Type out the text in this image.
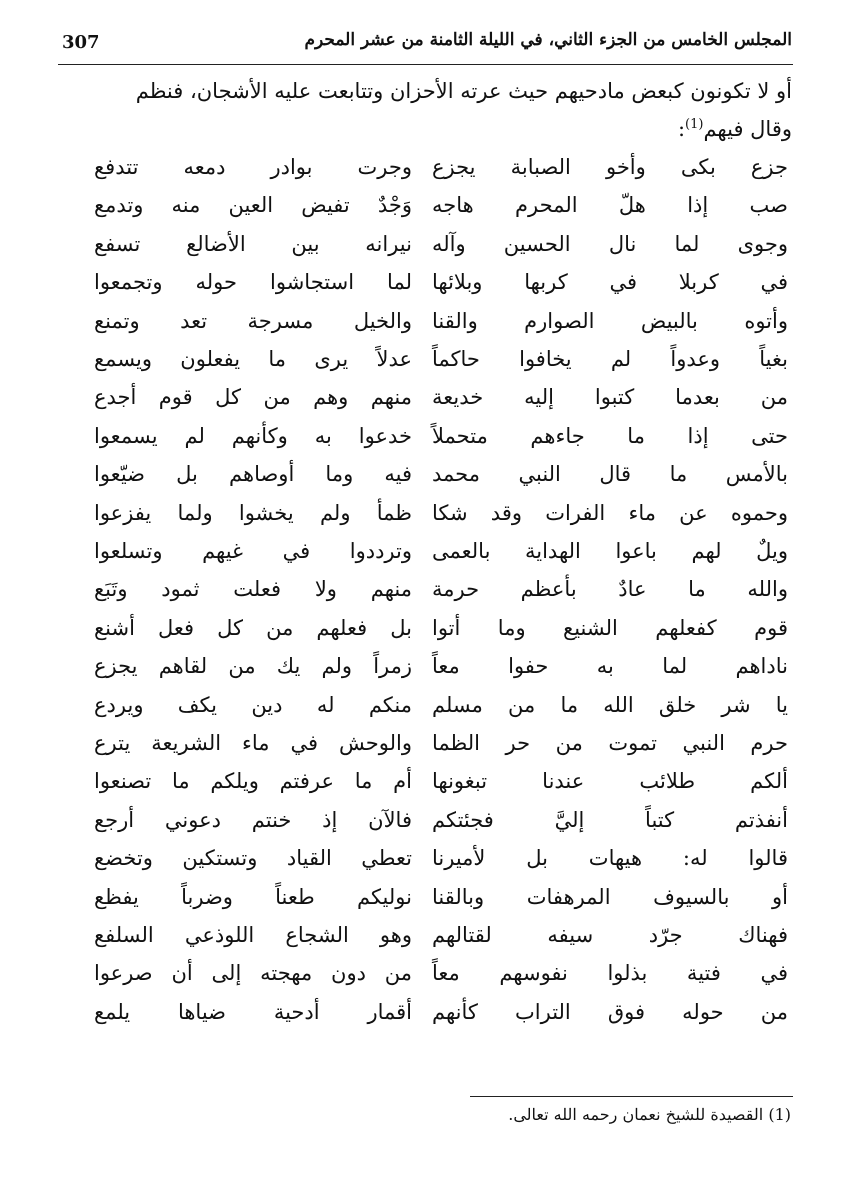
307	المجلس الخامس من الجزء الثاني، في الليلة الثامنة من عشر المحرم
أو لا تكونون كبعض مادحيهم حيث عرته الأحزان وتتابعت عليه الأشجان، فنظم
وقال فيهم$^{(1)}$:
جزع بكى وأخو الصبابة يجزع
وجرت بوادر دمعه تتدفع
صب إذا هلّ المحرم هاجه
وَجْدٌ تفيض العين منه وتدمع
وجوى لما نال الحسين وآله
نيرانه بين الأضالع تسفع
في كربلا في كربها وبلائها
لما استجاشوا حوله وتجمعوا
وأتوه بالبيض الصوارم والقنا
والخيل مسرجة تعد وتمنع
بغياً وعدواً لم يخافوا حاكماً
عدلاً يرى ما يفعلون ويسمع
من بعدما كتبوا إليه خديعة
منهم وهم من كل قوم أجدع
حتى إذا ما جاءهم متحملاً
خدعوا به وكأنهم لم يسمعوا
بالأمس ما قال النبي محمد
فيه وما أوصاهم بل ضيّعوا
وحموه عن ماء الفرات وقد شكا
ظمأ ولم يخشوا ولما يفزعوا
ويلٌ لهم باعوا الهداية بالعمى
وترددوا في غيهم وتسلعوا
والله ما عادٌ بأعظم حرمة
منهم ولا فعلت ثمود وتَبَع
قوم كفعلهم الشنيع وما أتوا
بل فعلهم من كل فعل أشنع
ناداهم لما به حفوا معاً
زمراً ولم يك من لقاهم يجزع
يا شر خلق الله ما من مسلم
منكم له دين يكف ويردع
حرم النبي تموت من حر الظما
والوحش في ماء الشريعة يترع
ألكم طلائب عندنا تبغونها
أم ما عرفتم ويلكم ما تصنعوا
أنفذتم كتباً إليَّ فجئتكم
فالآن إذ خنتم دعوني أرجع
قالوا له: هيهات بل لأميرنا
تعطي القياد وتستكين وتخضع
أو بالسيوف المرهفات وبالقنا
نوليكم طعناً وضرباً يفظع
فهناك جرّد سيفه لقتالهم
وهو الشجاع اللوذعي السلفع
في فتية بذلوا نفوسهم معاً
من دون مهجته إلى أن صرعوا
من حوله فوق التراب كأنهم
أقمار أدحية ضياها يلمع
(1) القصيدة للشيخ نعمان رحمه الله تعالى.
